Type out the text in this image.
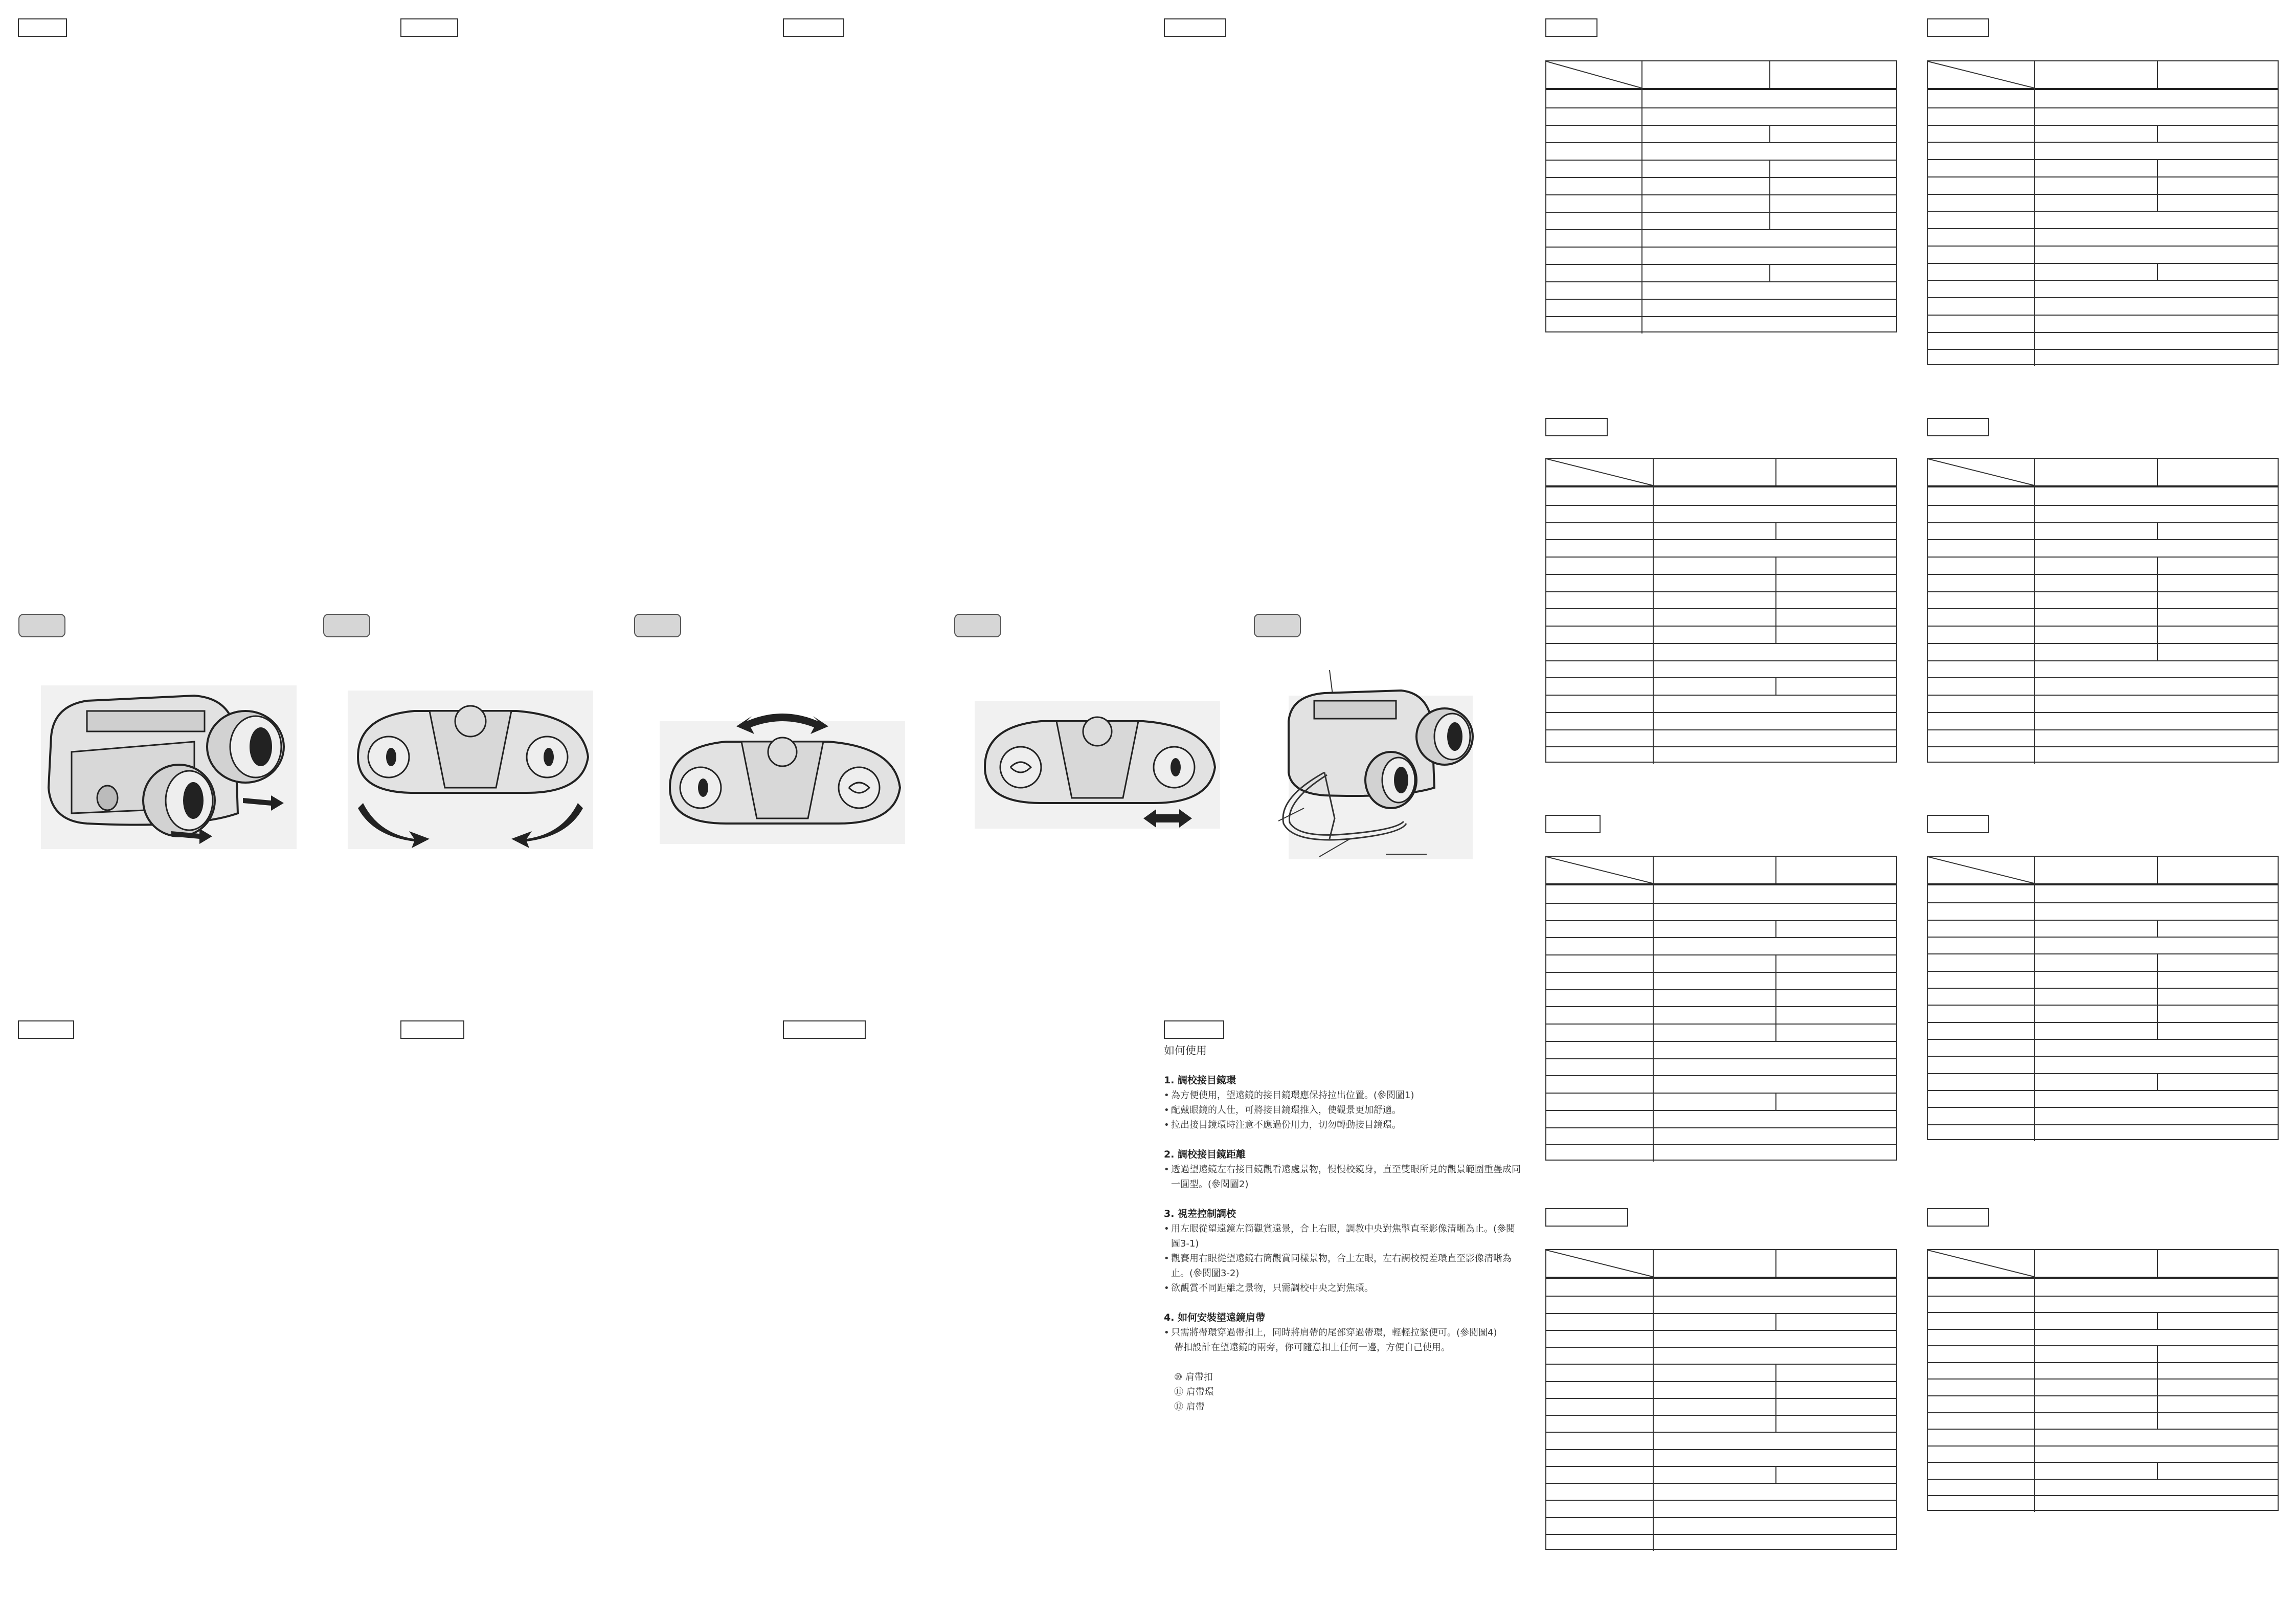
如何使用
1. 調校接目鏡環
• 為方便使用，望遠鏡的接目鏡環應保持拉出位置。(參閱圖1)
• 配戴眼鏡的人仕，可將接目鏡環推入，使觀景更加舒適。
• 拉出接目鏡環時注意不應過份用力，切勿轉動接目鏡環。
2. 調校接目鏡距離
• 透過望遠鏡左右接目鏡觀看遠處景物，慢慢校鏡身，直至雙眼所見的觀景範圍重疊成同一圓型。(參閱圖2)
3. 視差控制調校
• 用左眼從望遠鏡左筒觀賞遠景，合上右眼，調教中央對焦掣直至影像清晰為止。(參閱圖3-1)
• 觀賽用右眼從望遠鏡右筒觀賞同樣景物，合上左眼，左右調校視差環直至影像清晰為止。(參閱圖3-2)
• 欲觀賞不同距離之景物，只需調校中央之對焦環。
4. 如何安裝望遠鏡肩帶
• 只需將帶環穿過帶扣上，同時將肩帶的尾部穿過帶環，輕輕拉緊便可。(參閱圖4)
帶扣設計在望遠鏡的兩旁，你可隨意扣上任何一邊，方便自己使用。
⑩ 肩帶扣
⑪ 肩帶環
⑫ 肩帶
